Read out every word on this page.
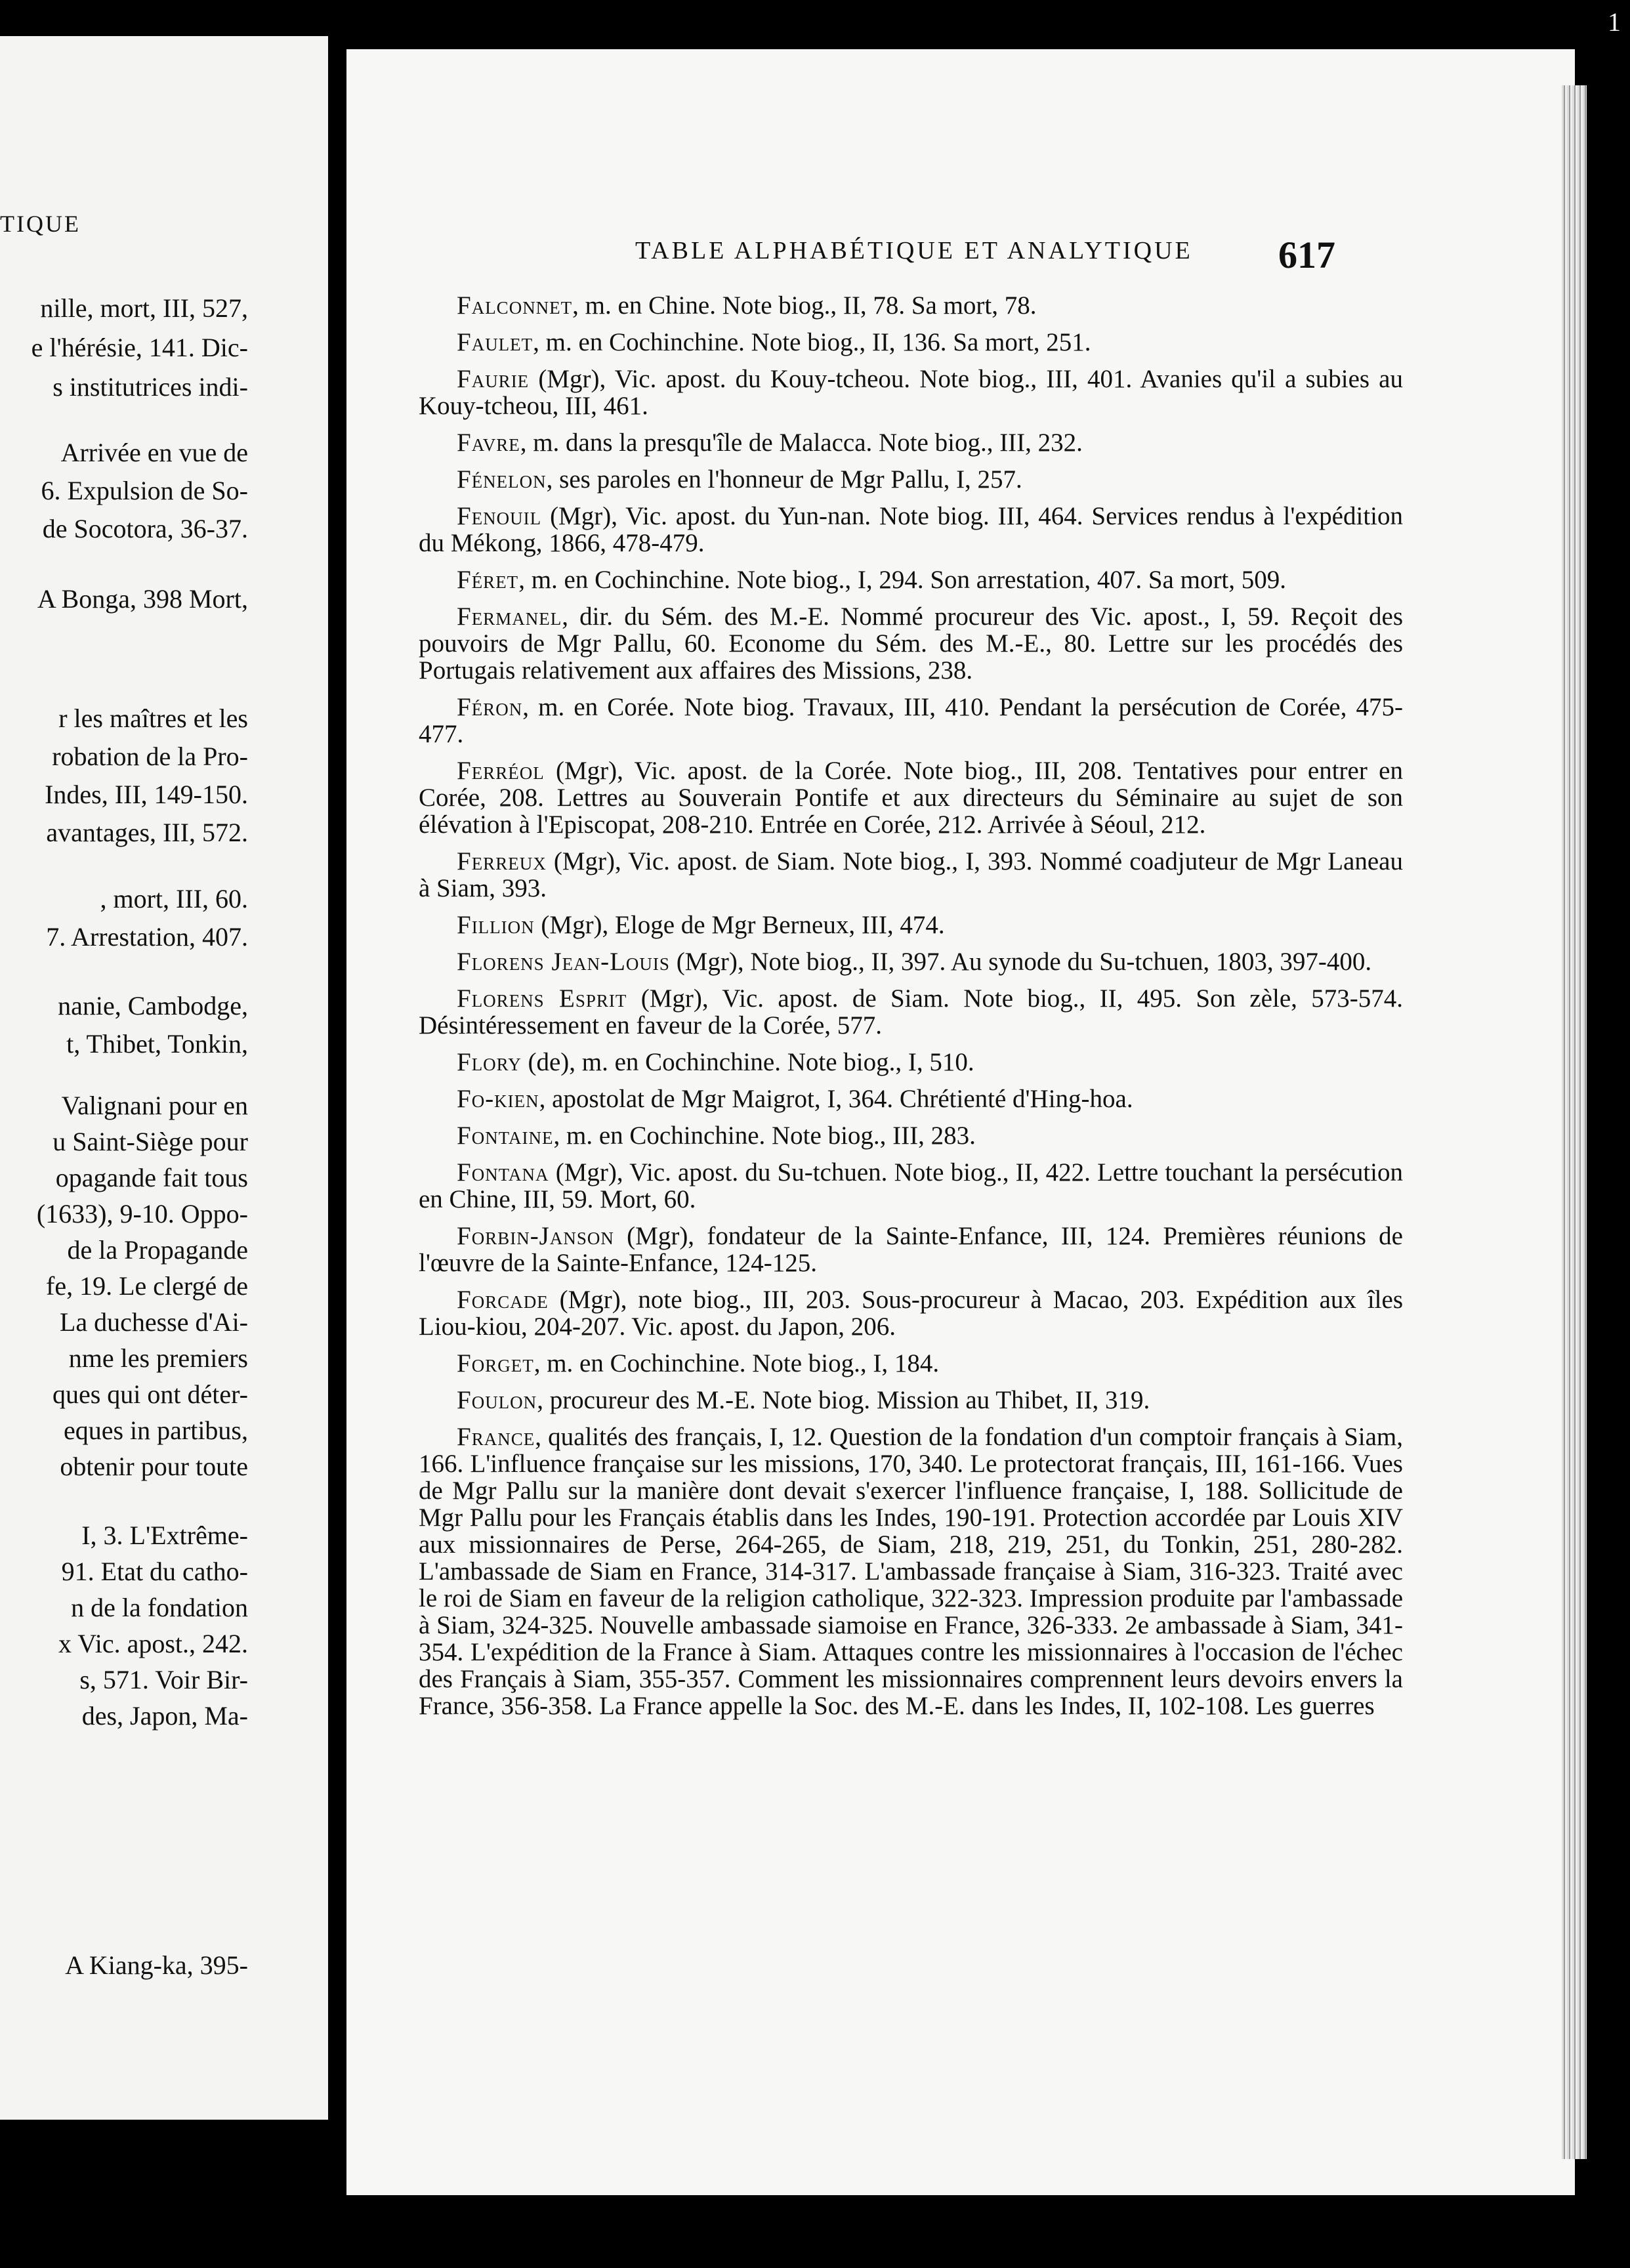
TIQUE
nille, mort, III, 527,
e l'hérésie, 141. Dic-
s institutrices indi-
Arrivée en vue de
6. Expulsion de So-
de Socotora, 36-37.
A Bonga, 398 Mort,
r les maîtres et les
robation de la Pro-
Indes, III, 149-150.
avantages, III, 572.
, mort, III, 60.
7. Arrestation, 407.
nanie, Cambodge,
t, Thibet, Tonkin,
Valignani pour en
u Saint-Siège pour
opagande fait tous
(1633), 9-10. Oppo-
de la Propagande
fe, 19. Le clergé de
La duchesse d'Ai-
nme les premiers
ques qui ont déter-
eques in partibus,
obtenir pour toute
I, 3. L'Extrême-
91. Etat du catho-
n de la fondation
x Vic. apost., 242.
s, 571. Voir Bir-
des, Japon, Ma-
A Kiang-ka, 395-
TABLE ALPHABÉTIQUE ET ANALYTIQUE 617

Falconnet, m. en Chine. Note biog., II, 78. Sa mort, 78.

Faulet, m. en Cochinchine. Note biog., II, 136. Sa mort, 251.

Faurie (Mgr), Vic. apost. du Kouy-tcheou. Note biog., III, 401. Avanies qu'il a subies au Kouy-tcheou, III, 461.

Favre, m. dans la presqu'île de Malacca. Note biog., III, 232.

Fénelon, ses paroles en l'honneur de Mgr Pallu, I, 257.

Fenouil (Mgr), Vic. apost. du Yun-nan. Note biog. III, 464. Services rendus à l'expédition du Mékong, 1866, 478-479.

Féret, m. en Cochinchine. Note biog., I, 294. Son arrestation, 407. Sa mort, 509.

Fermanel, dir. du Sém. des M.-E. Nommé procureur des Vic. apost., I, 59. Reçoit des pouvoirs de Mgr Pallu, 60. Econome du Sém. des M.-E., 80. Lettre sur les procédés des Portugais relativement aux affaires des Missions, 238.

Féron, m. en Corée. Note biog. Travaux, III, 410. Pendant la persécution de Corée, 475-477.

Ferréol (Mgr), Vic. apost. de la Corée. Note biog., III, 208. Tentatives pour entrer en Corée, 208. Lettres au Souverain Pontife et aux directeurs du Séminaire au sujet de son élévation à l'Episcopat, 208-210. Entrée en Corée, 212. Arrivée à Séoul, 212.

Ferreux (Mgr), Vic. apost. de Siam. Note biog., I, 393. Nommé coadjuteur de Mgr Laneau à Siam, 393.

Fillion (Mgr), Eloge de Mgr Berneux, III, 474.

Florens Jean-Louis (Mgr), Note biog., II, 397. Au synode du Su-tchuen, 1803, 397-400.

Florens Esprit (Mgr), Vic. apost. de Siam. Note biog., II, 495. Son zèle, 573-574. Désintéressement en faveur de la Corée, 577.

Flory (de), m. en Cochinchine. Note biog., I, 510.

Fo-kien, apostolat de Mgr Maigrot, I, 364. Chrétienté d'Hing-hoa.

Fontaine, m. en Cochinchine. Note biog., III, 283.

Fontana (Mgr), Vic. apost. du Su-tchuen. Note biog., II, 422. Lettre touchant la persécution en Chine, III, 59. Mort, 60.

Forbin-Janson (Mgr), fondateur de la Sainte-Enfance, III, 124. Premières réunions de l'œuvre de la Sainte-Enfance, 124-125.

Forcade (Mgr), note biog., III, 203. Sous-procureur à Macao, 203. Expédition aux îles Liou-kiou, 204-207. Vic. apost. du Japon, 206.

Forget, m. en Cochinchine. Note biog., I, 184.

Foulon, procureur des M.-E. Note biog. Mission au Thibet, II, 319.

France, qualités des français, I, 12. Question de la fondation d'un comptoir français à Siam, 166. L'influence française sur les missions, 170, 340. Le protectorat français, III, 161-166. Vues de Mgr Pallu sur la manière dont devait s'exercer l'influence française, I, 188. Sollicitude de Mgr Pallu pour les Français établis dans les Indes, 190-191. Protection accordée par Louis XIV aux missionnaires de Perse, 264-265, de Siam, 218, 219, 251, du Tonkin, 251, 280-282. L'ambassade de Siam en France, 314-317. L'ambassade française à Siam, 316-323. Traité avec le roi de Siam en faveur de la religion catholique, 322-323. Impression produite par l'ambassade à Siam, 324-325. Nouvelle ambassade siamoise en France, 326-333. 2e ambassade à Siam, 341-354. L'expédition de la France à Siam. Attaques contre les missionnaires à l'occasion de l'échec des Français à Siam, 355-357. Comment les missionnaires comprennent leurs devoirs envers la France, 356-358. La France appelle la Soc. des M.-E. dans les Indes, II, 102-108. Les guerres

1
